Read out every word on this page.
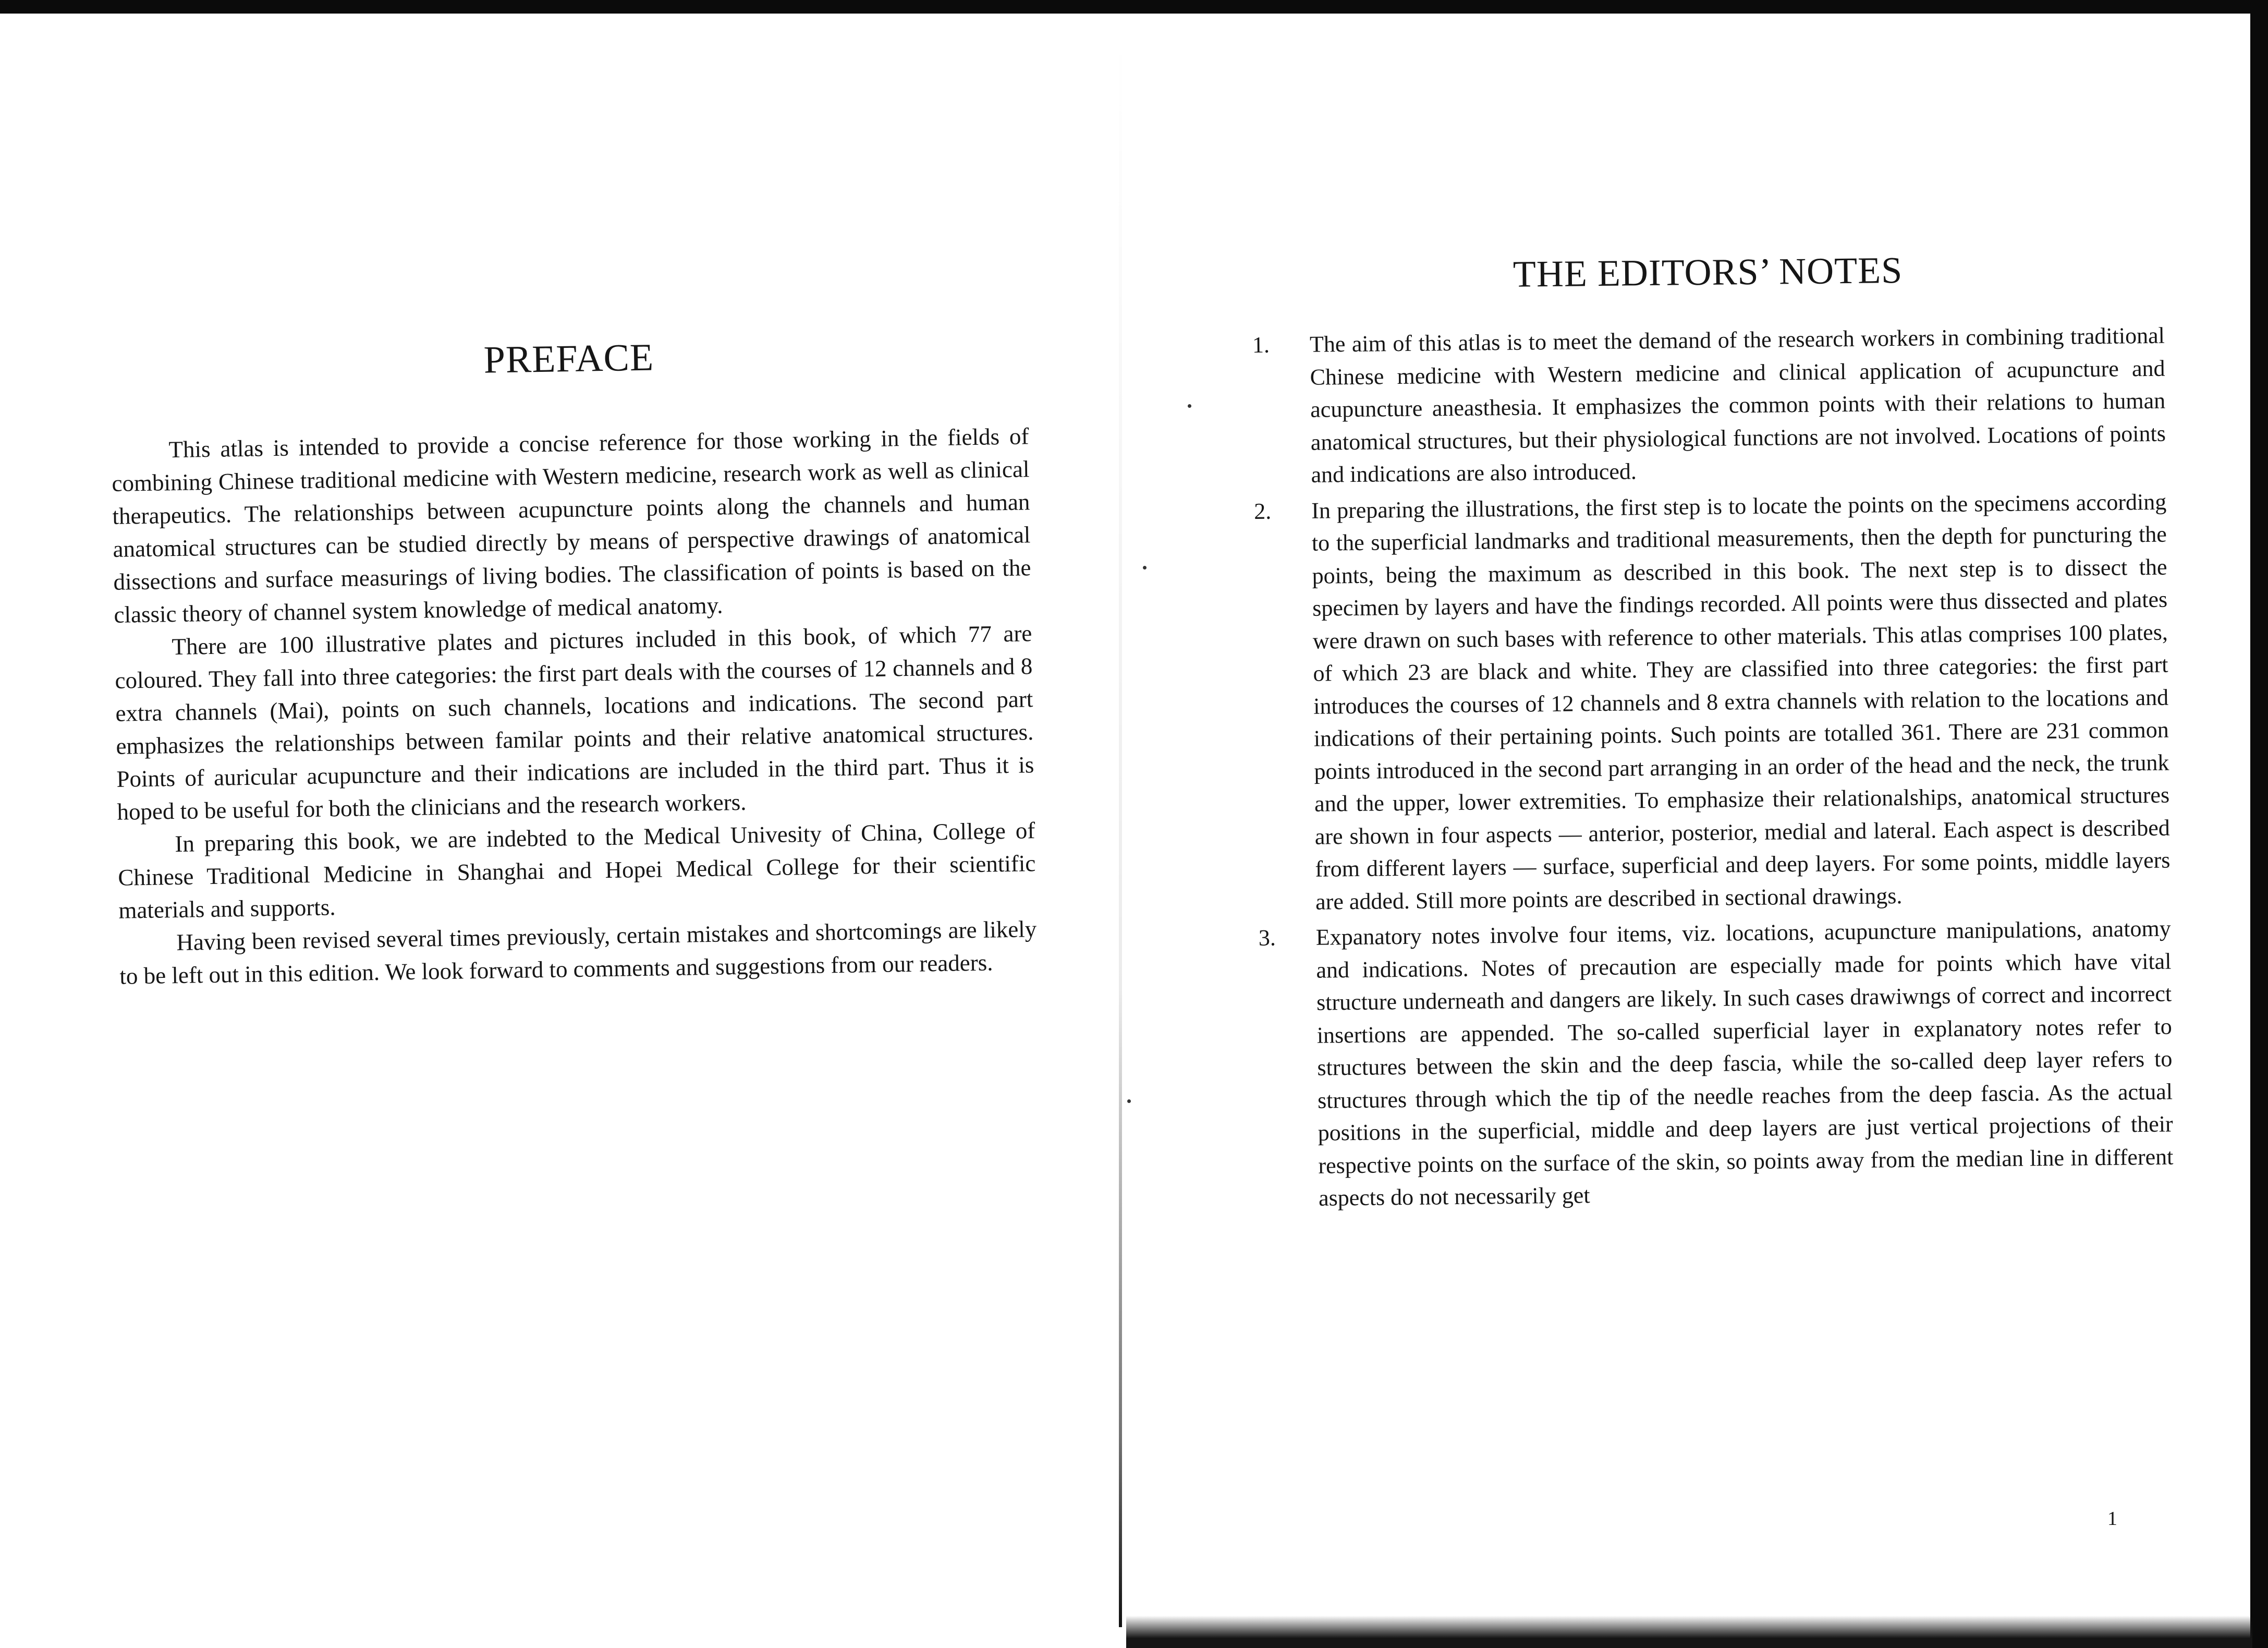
PREFACE

This atlas is intended to provide a concise reference for those working in the fields of combining Chinese traditional medicine with Western medicine, research work as well as clinical therapeutics. The relationships between acupuncture points along the channels and human anatomical structures can be studied directly by means of perspective drawings of anatomical dissections and surface measurings of living bodies. The classification of points is based on the classic theory of channel system knowledge of medical anatomy.

There are 100 illustrative plates and pictures included in this book, of which 77 are coloured. They fall into three categories: the first part deals with the courses of 12 channels and 8 extra channels (Mai), points on such channels, locations and indications. The second part emphasizes the relationships between familar points and their relative anatomical structures. Points of auricular acupuncture and their indications are included in the third part. Thus it is hoped to be useful for both the clinicians and the research workers.

In preparing this book, we are indebted to the Medical Univesity of China, College of Chinese Traditional Medicine in Shanghai and Hopei Medical College for their scientific materials and supports.

Having been revised several times previously, certain mistakes and shortcomings are likely to be left out in this edition. We look forward to comments and suggestions from our readers.

THE EDITORS’ NOTES
1.	The aim of this atlas is to meet the demand of the research workers in combining traditional Chinese medicine with Western medicine and clinical application of acupuncture and acupuncture aneasthesia. It emphasizes the common points with their relations to human anatomical structures, but their physiological functions are not involved. Locations of points and indications are also introduced.
2.	In preparing the illustrations, the first step is to locate the points on the specimens according to the superficial landmarks and traditional measurements, then the depth for puncturing the points, being the maximum as described in this book. The next step is to dissect the specimen by layers and have the findings recorded. All points were thus dissected and plates were drawn on such bases with reference to other materials. This atlas comprises 100 plates, of which 23 are black and white. They are classified into three categories: the first part introduces the courses of 12 channels and 8 extra channels with relation to the locations and indications of their pertaining points. Such points are totalled 361. There are 231 common points introduced in the second part arranging in an order of the head and the neck, the trunk and the upper, lower extremities. To emphasize their relationalships, anatomical structures are shown in four aspects — anterior, posterior, medial and lateral. Each aspect is described from different layers — surface, superficial and deep layers. For some points, middle layers are added. Still more points are described in sectional drawings.
3.	Expanatory notes involve four items, viz. locations, acupuncture manipulations, anatomy and indications. Notes of precaution are especially made for points which have vital structure underneath and dangers are likely. In such cases drawiwngs of correct and incorrect insertions are appended. The so-called superficial layer in explanatory notes refer to structures between the skin and the deep fascia, while the so-called deep layer refers to structures through which the tip of the needle reaches from the deep fascia. As the actual positions in the superficial, middle and deep layers are just vertical projections of their respective points on the surface of the skin, so points away from the median line in different aspects do not necessarily get
1
